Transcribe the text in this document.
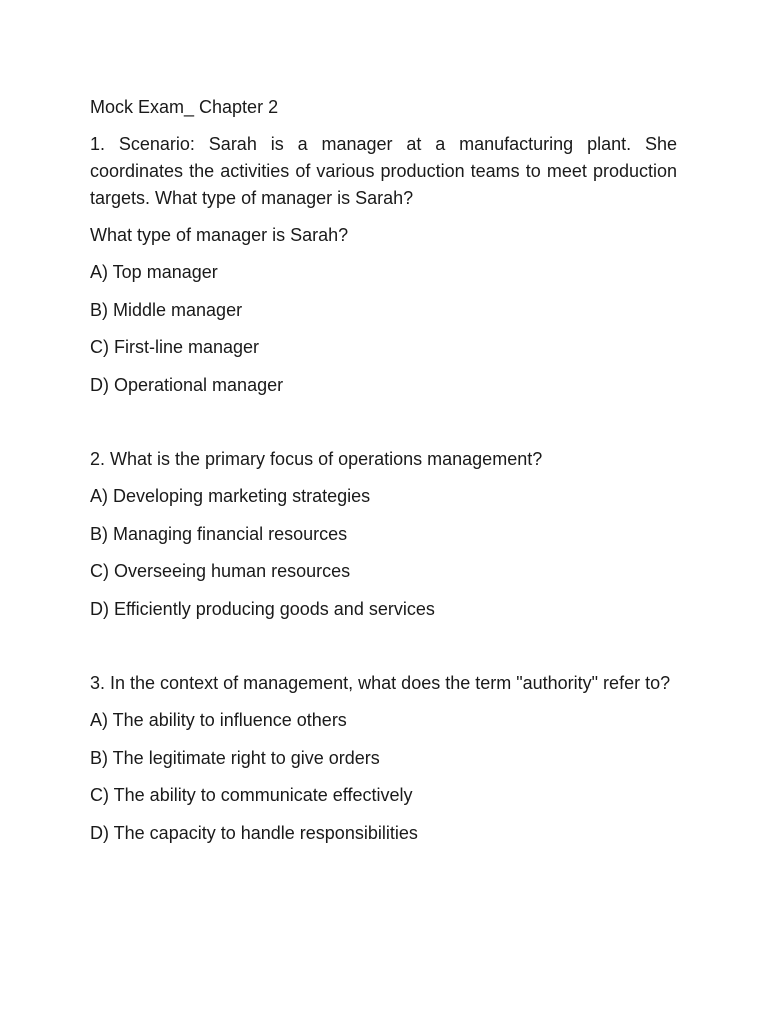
Mock Exam_ Chapter 2
1. Scenario: Sarah is a manager at a manufacturing plant. She coordinates the activities of various production teams to meet production targets. What type of manager is Sarah?
What type of manager is Sarah?
A) Top manager
B) Middle manager
C) First-line manager
D) Operational manager
2. What is the primary focus of operations management?
A) Developing marketing strategies
B) Managing financial resources
C) Overseeing human resources
D) Efficiently producing goods and services
3. In the context of management, what does the term "authority" refer to?
A) The ability to influence others
B) The legitimate right to give orders
C) The ability to communicate effectively
D) The capacity to handle responsibilities
